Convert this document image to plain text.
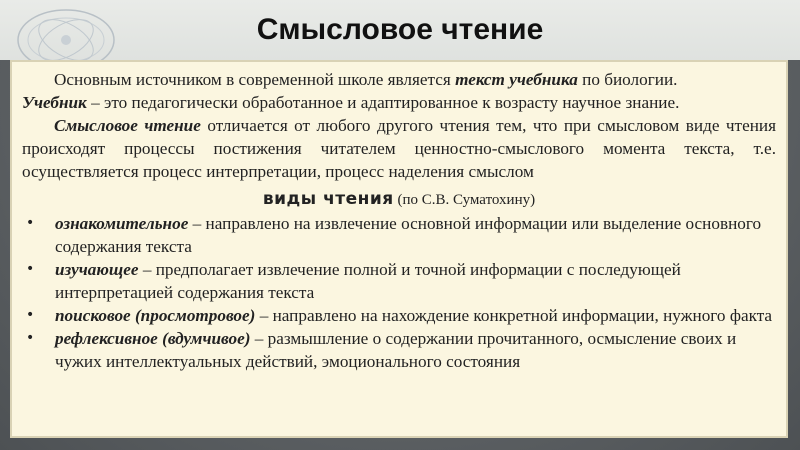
Смысловое чтение

Основным источником в современной школе является текст учебника по биологии.

Учебник – это педагогически обработанное и адаптированное к возрасту научное знание.

Смысловое чтение отличается от любого другого чтения тем, что при смысловом виде чтения происходят процессы постижения читателем ценностно-смыслового момента текста, т.е. осуществляется процесс интерпретации, процесс наделения смыслом

виды чтения (по С.В. Суматохину)
• ознакомительное – направлено на извлечение основной информации или выделение основного содержания текста
• изучающее – предполагает извлечение полной и точной информации с последующей интерпретацией содержания текста
• поисковое (просмотровое) – направлено на нахождение конкретной информации, нужного факта
• рефлексивное (вдумчивое) – размышление о содержании прочитанного, осмысление своих и чужих интеллектуальных действий, эмоционального состояния
